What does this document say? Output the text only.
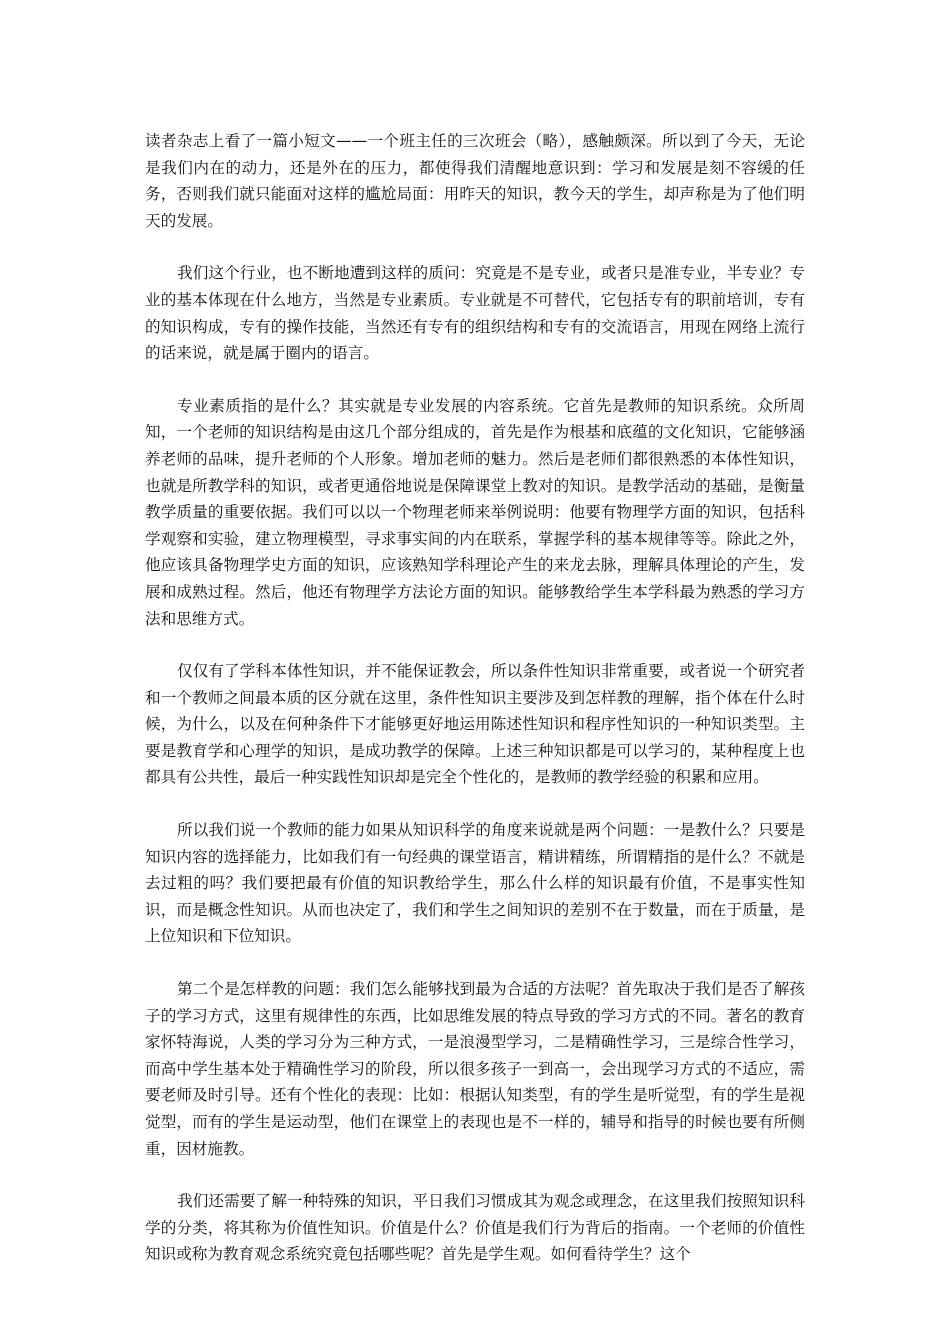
读者杂志上看了一篇小短文——一个班主任的三次班会（略），感触颇深。所以到了今天，无论是我们内在的动力，还是外在的压力，都使得我们清醒地意识到：学习和发展是刻不容缓的任务，否则我们就只能面对这样的尴尬局面：用昨天的知识，教今天的学生，却声称是为了他们明天的发展。

我们这个行业，也不断地遭到这样的质问：究竟是不是专业，或者只是准专业，半专业？专业的基本体现在什么地方，当然是专业素质。专业就是不可替代，它包括专有的职前培训，专有的知识构成，专有的操作技能，当然还有专有的组织结构和专有的交流语言，用现在网络上流行的话来说，就是属于圈内的语言。

专业素质指的是什么？其实就是专业发展的内容系统。它首先是教师的知识系统。众所周知，一个老师的知识结构是由这几个部分组成的，首先是作为根基和底蕴的文化知识，它能够涵养老师的品味，提升老师的个人形象。增加老师的魅力。然后是老师们都很熟悉的本体性知识，也就是所教学科的知识，或者更通俗地说是保障课堂上教对的知识。是教学活动的基础，是衡量教学质量的重要依据。我们可以以一个物理老师来举例说明：他要有物理学方面的知识，包括科学观察和实验，建立物理模型，寻求事实间的内在联系，掌握学科的基本规律等等。除此之外，他应该具备物理学史方面的知识，应该熟知学科理论产生的来龙去脉，理解具体理论的产生，发展和成熟过程。然后，他还有物理学方法论方面的知识。能够教给学生本学科最为熟悉的学习方法和思维方式。

仅仅有了学科本体性知识，并不能保证教会，所以条件性知识非常重要，或者说一个研究者和一个教师之间最本质的区分就在这里，条件性知识主要涉及到怎样教的理解，指个体在什么时候，为什么，以及在何种条件下才能够更好地运用陈述性知识和程序性知识的一种知识类型。主要是教育学和心理学的知识，是成功教学的保障。上述三种知识都是可以学习的，某种程度上也都具有公共性，最后一种实践性知识却是完全个性化的，是教师的教学经验的积累和应用。

所以我们说一个教师的能力如果从知识科学的角度来说就是两个问题：一是教什么？只要是知识内容的选择能力，比如我们有一句经典的课堂语言，精讲精练，所谓精指的是什么？不就是去过粗的吗？我们要把最有价值的知识教给学生，那么什么样的知识最有价值，不是事实性知识，而是概念性知识。从而也决定了，我们和学生之间知识的差别不在于数量，而在于质量，是上位知识和下位知识。

第二个是怎样教的问题：我们怎么能够找到最为合适的方法呢？首先取决于我们是否了解孩子的学习方式，这里有规律性的东西，比如思维发展的特点导致的学习方式的不同。著名的教育家怀特海说，人类的学习分为三种方式，一是浪漫型学习，二是精确性学习，三是综合性学习，而高中学生基本处于精确性学习的阶段，所以很多孩子一到高一，会出现学习方式的不适应，需要老师及时引导。还有个性化的表现：比如：根据认知类型，有的学生是听觉型，有的学生是视觉型，而有的学生是运动型，他们在课堂上的表现也是不一样的，辅导和指导的时候也要有所侧重，因材施教。

我们还需要了解一种特殊的知识，平日我们习惯成其为观念或理念，在这里我们按照知识科学的分类，将其称为价值性知识。价值是什么？价值是我们行为背后的指南。一个老师的价值性知识或称为教育观念系统究竟包括哪些呢？首先是学生观。如何看待学生？这个
